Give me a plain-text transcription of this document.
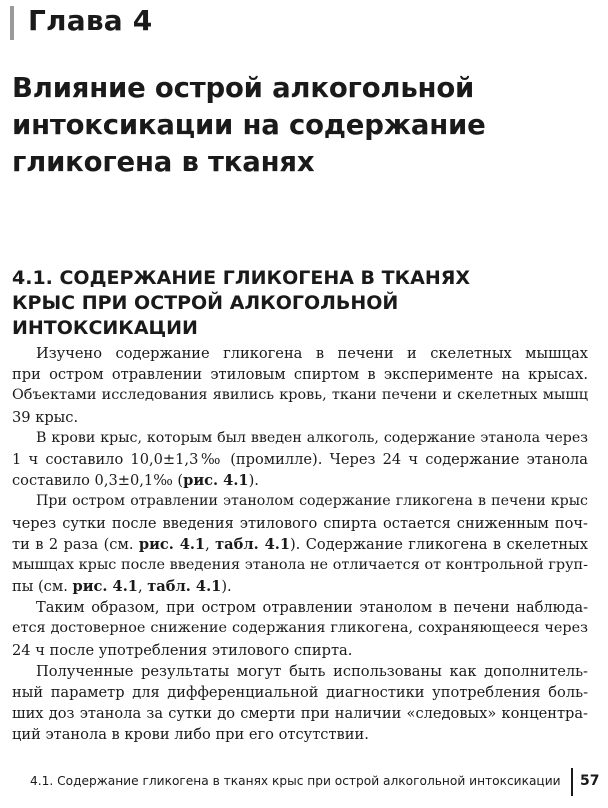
Глава 4
Влияние острой алкогольной
интоксикации на содержание
гликогена в тканях
4.1. СОДЕРЖАНИЕ ГЛИКОГЕНА В ТКАНЯХ
КРЫС ПРИ ОСТРОЙ АЛКОГОЛЬНОЙ
ИНТОКСИКАЦИИ
Изучено содержание гликогена в печени и скелетных мышцах
при остром отравлении этиловым спиртом в эксперименте на крысах.
Объектами исследования явились кровь, ткани печени и скелетных мышц
39 крыс.
В крови крыс, которым был введен алкоголь, содержание этанола через
1 ч составило 10,0±1,3‰ (промилле). Через 24 ч содержание этанола
составило 0,3±0,1‰ (рис. 4.1).
При остром отравлении этанолом содержание гликогена в печени крыс
через сутки после введения этилового спирта остается сниженным поч-
ти в 2 раза (см. рис. 4.1, табл. 4.1). Содержание гликогена в скелетных
мышцах крыс после введения этанола не отличается от контрольной груп-
пы (см. рис. 4.1, табл. 4.1).
Таким образом, при остром отравлении этанолом в печени наблюда-
ется достоверное снижение содержания гликогена, сохраняющееся через
24 ч после употребления этилового спирта.
Полученные результаты могут быть использованы как дополнитель-
ный параметр для дифференциальной диагностики употребления боль-
ших доз этанола за сутки до смерти при наличии «следовых» концентра-
ций этанола в крови либо при его отсутствии.
4.1. Содержание гликогена в тканях крыс при острой алкогольной интоксикации 57
